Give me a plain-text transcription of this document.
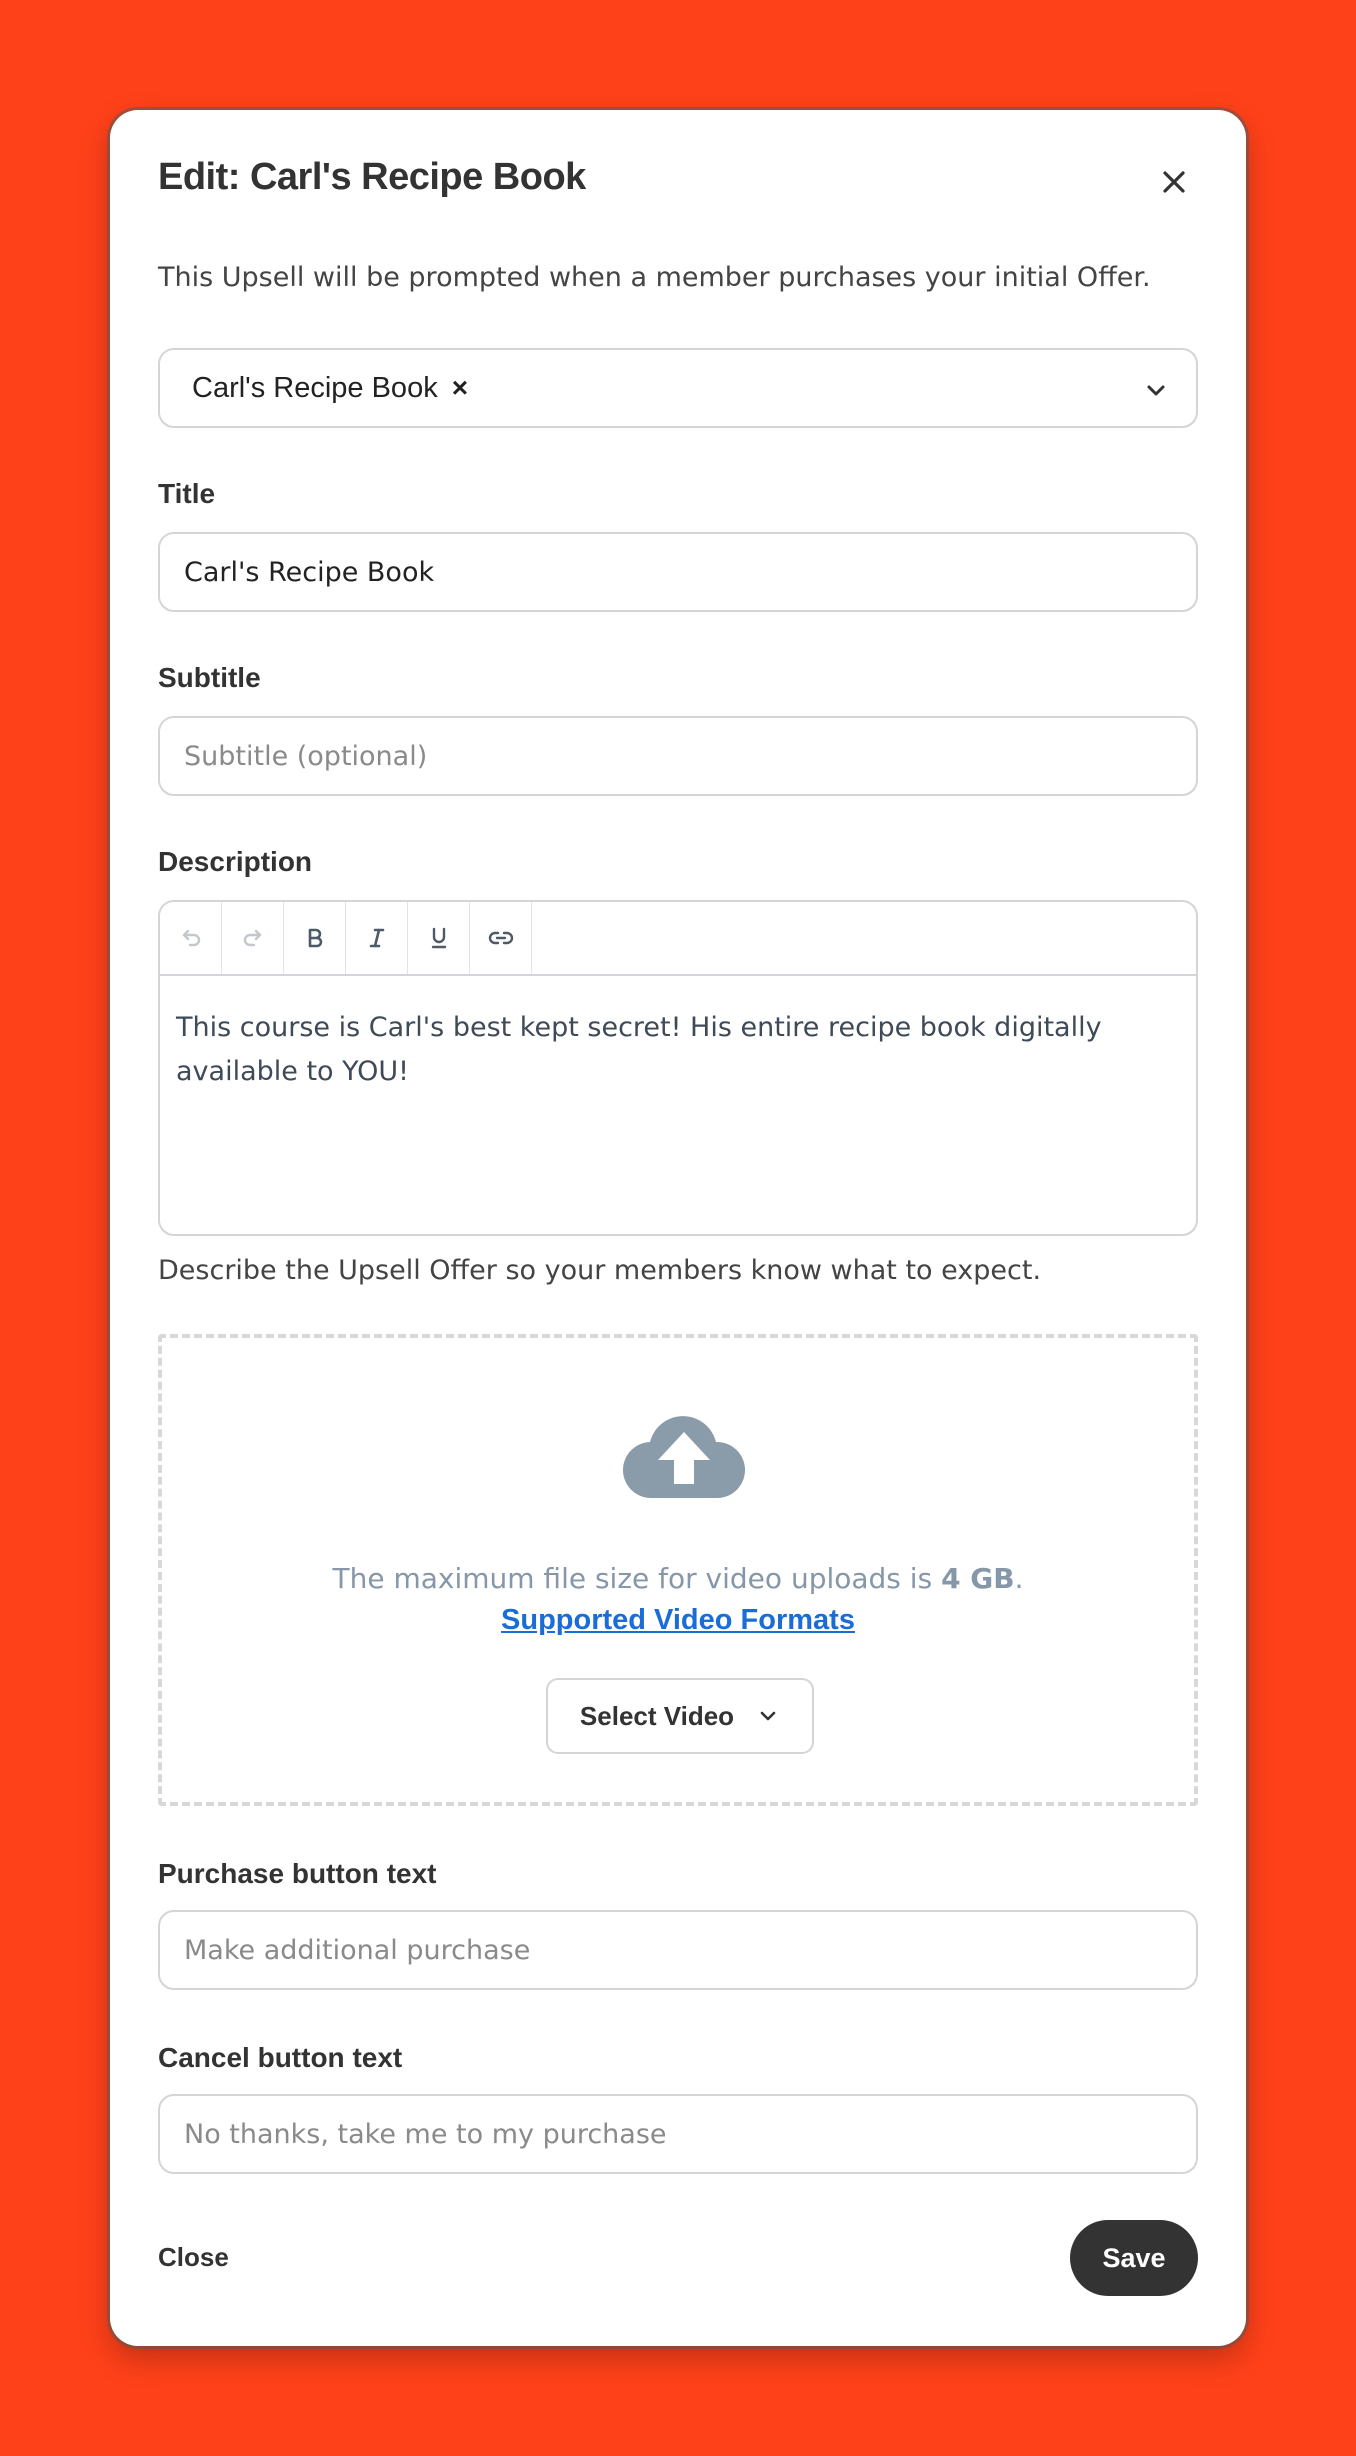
Edit: Carl's Recipe Book

This Upsell will be prompted when a member purchases your initial Offer.

Carl's Recipe Book ×
Title
Carl's Recipe Book
Subtitle
Subtitle (optional)
Description
This course is Carl's best kept secret! His entire recipe book digitally available to YOU!

Describe the Upsell Offer so your members know what to expect.

The maximum file size for video uploads is 4 GB.

Supported Video Formats
Select Video
Purchase button text
Make additional purchase
Cancel button text
No thanks, take me to my purchase
Close	Save
